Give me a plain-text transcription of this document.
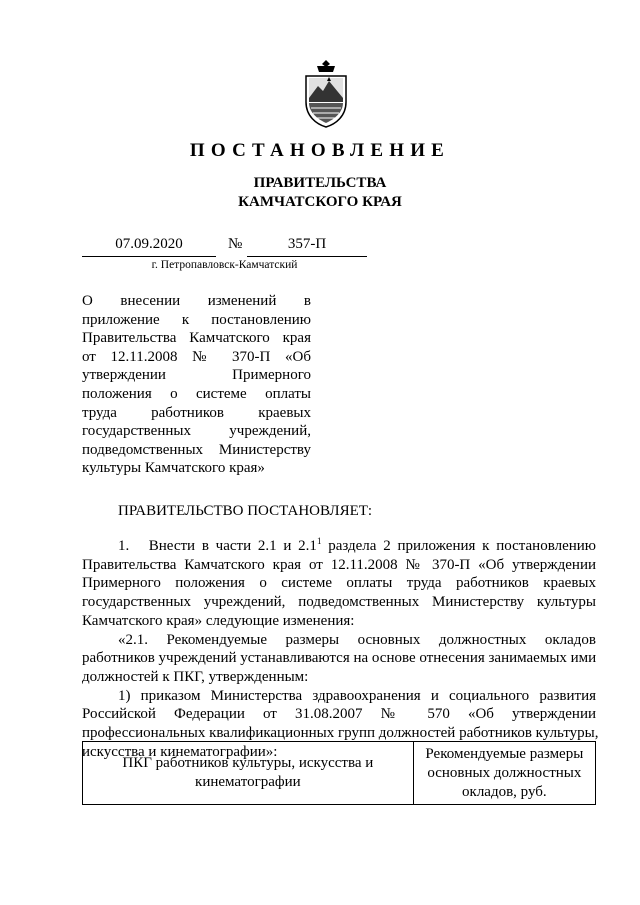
ПОСТАНОВЛЕНИЕ
ПРАВИТЕЛЬСТВА
КАМЧАТСКОГО КРАЯ
07.09.2020	№	357-П
г. Петропавловск-Камчатский
О внесении изменений в
приложение к постановлению
Правительства Камчатского края
от 12.11.2008 № 370-П «Об
утверждении Примерного
положения о системе оплаты
труда работников краевых
государственных учреждений,
подведомственных Министерству
культуры Камчатского края»
ПРАВИТЕЛЬСТВО ПОСТАНОВЛЯЕТ:
1. Внести в части 2.1 и $2.1^1$ раздела 2 приложения к постановлению
Правительства Камчатского края от 12.11.2008 № 370-П «Об утверждении
Примерного положения о системе оплаты труда работников краевых
государственных учреждений, подведомственных Министерству культуры
Камчатского края» следующие изменения:
«2.1. Рекомендуемые размеры основных должностных окладов
работников учреждений устанавливаются на основе отнесения занимаемых ими
должностей к ПКГ, утвержденным:
1) приказом Министерства здравоохранения и социального развития
Российской Федерации от 31.08.2007 № 570 «Об утверждении
профессиональных квалификационных групп должностей работников культуры,
искусства и кинематографии»:
ПКГ работников культуры, искусства и кинематографии	Рекомендуемые размеры основных должностных окладов, руб.
